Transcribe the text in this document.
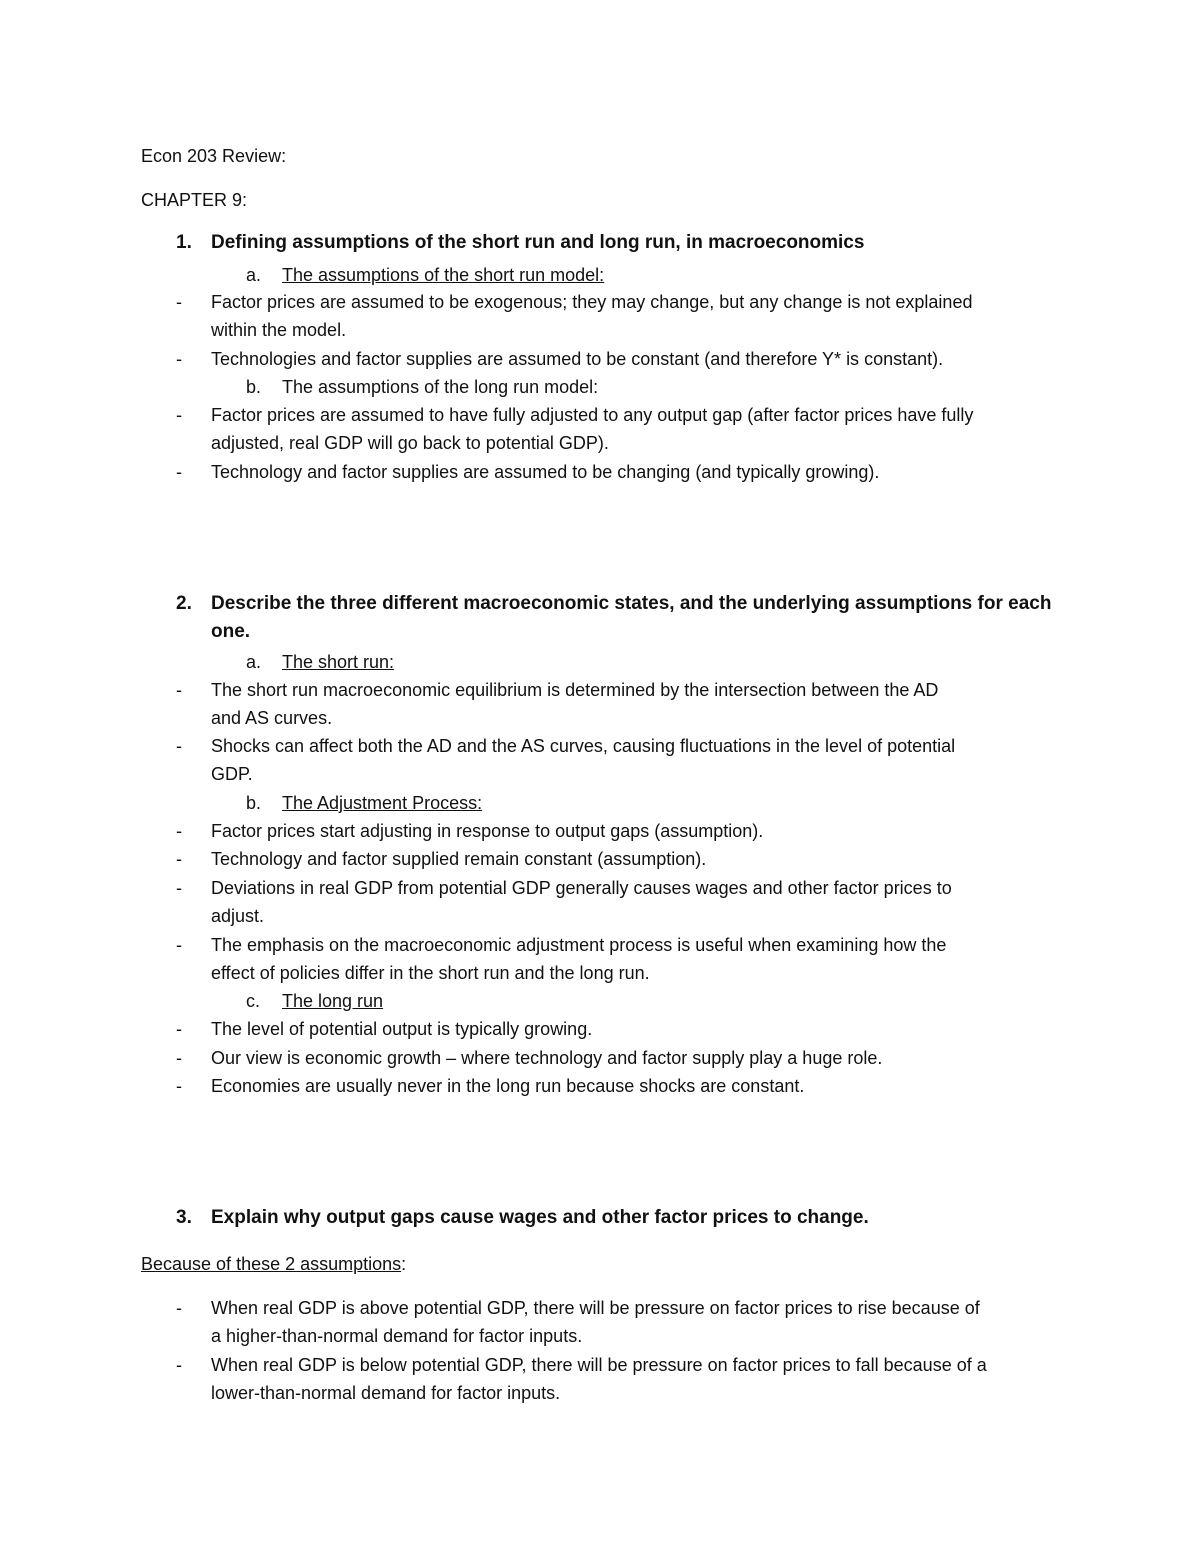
Econ 203 Review:
CHAPTER 9:
1. Defining assumptions of the short run and long run, in macroeconomics
a. The assumptions of the short run model:
- Factor prices are assumed to be exogenous; they may change, but any change is not explained
within the model.
- Technologies and factor supplies are assumed to be constant (and therefore Y* is constant).
b. The assumptions of the long run model:
- Factor prices are assumed to have fully adjusted to any output gap (after factor prices have fully
adjusted, real GDP will go back to potential GDP).
- Technology and factor supplies are assumed to be changing (and typically growing).
2. Describe the three different macroeconomic states, and the underlying assumptions for each
one.
a. The short run:
- The short run macroeconomic equilibrium is determined by the intersection between the AD
and AS curves.
- Shocks can affect both the AD and the AS curves, causing fluctuations in the level of potential
GDP.
b. The Adjustment Process:
- Factor prices start adjusting in response to output gaps (assumption).
- Technology and factor supplied remain constant (assumption).
- Deviations in real GDP from potential GDP generally causes wages and other factor prices to
adjust.
- The emphasis on the macroeconomic adjustment process is useful when examining how the
effect of policies differ in the short run and the long run.
c. The long run
- The level of potential output is typically growing.
- Our view is economic growth – where technology and factor supply play a huge role.
- Economies are usually never in the long run because shocks are constant.
3. Explain why output gaps cause wages and other factor prices to change.
Because of these 2 assumptions:
- When real GDP is above potential GDP, there will be pressure on factor prices to rise because of
a higher-than-normal demand for factor inputs.
- When real GDP is below potential GDP, there will be pressure on factor prices to fall because of a
lower-than-normal demand for factor inputs.
